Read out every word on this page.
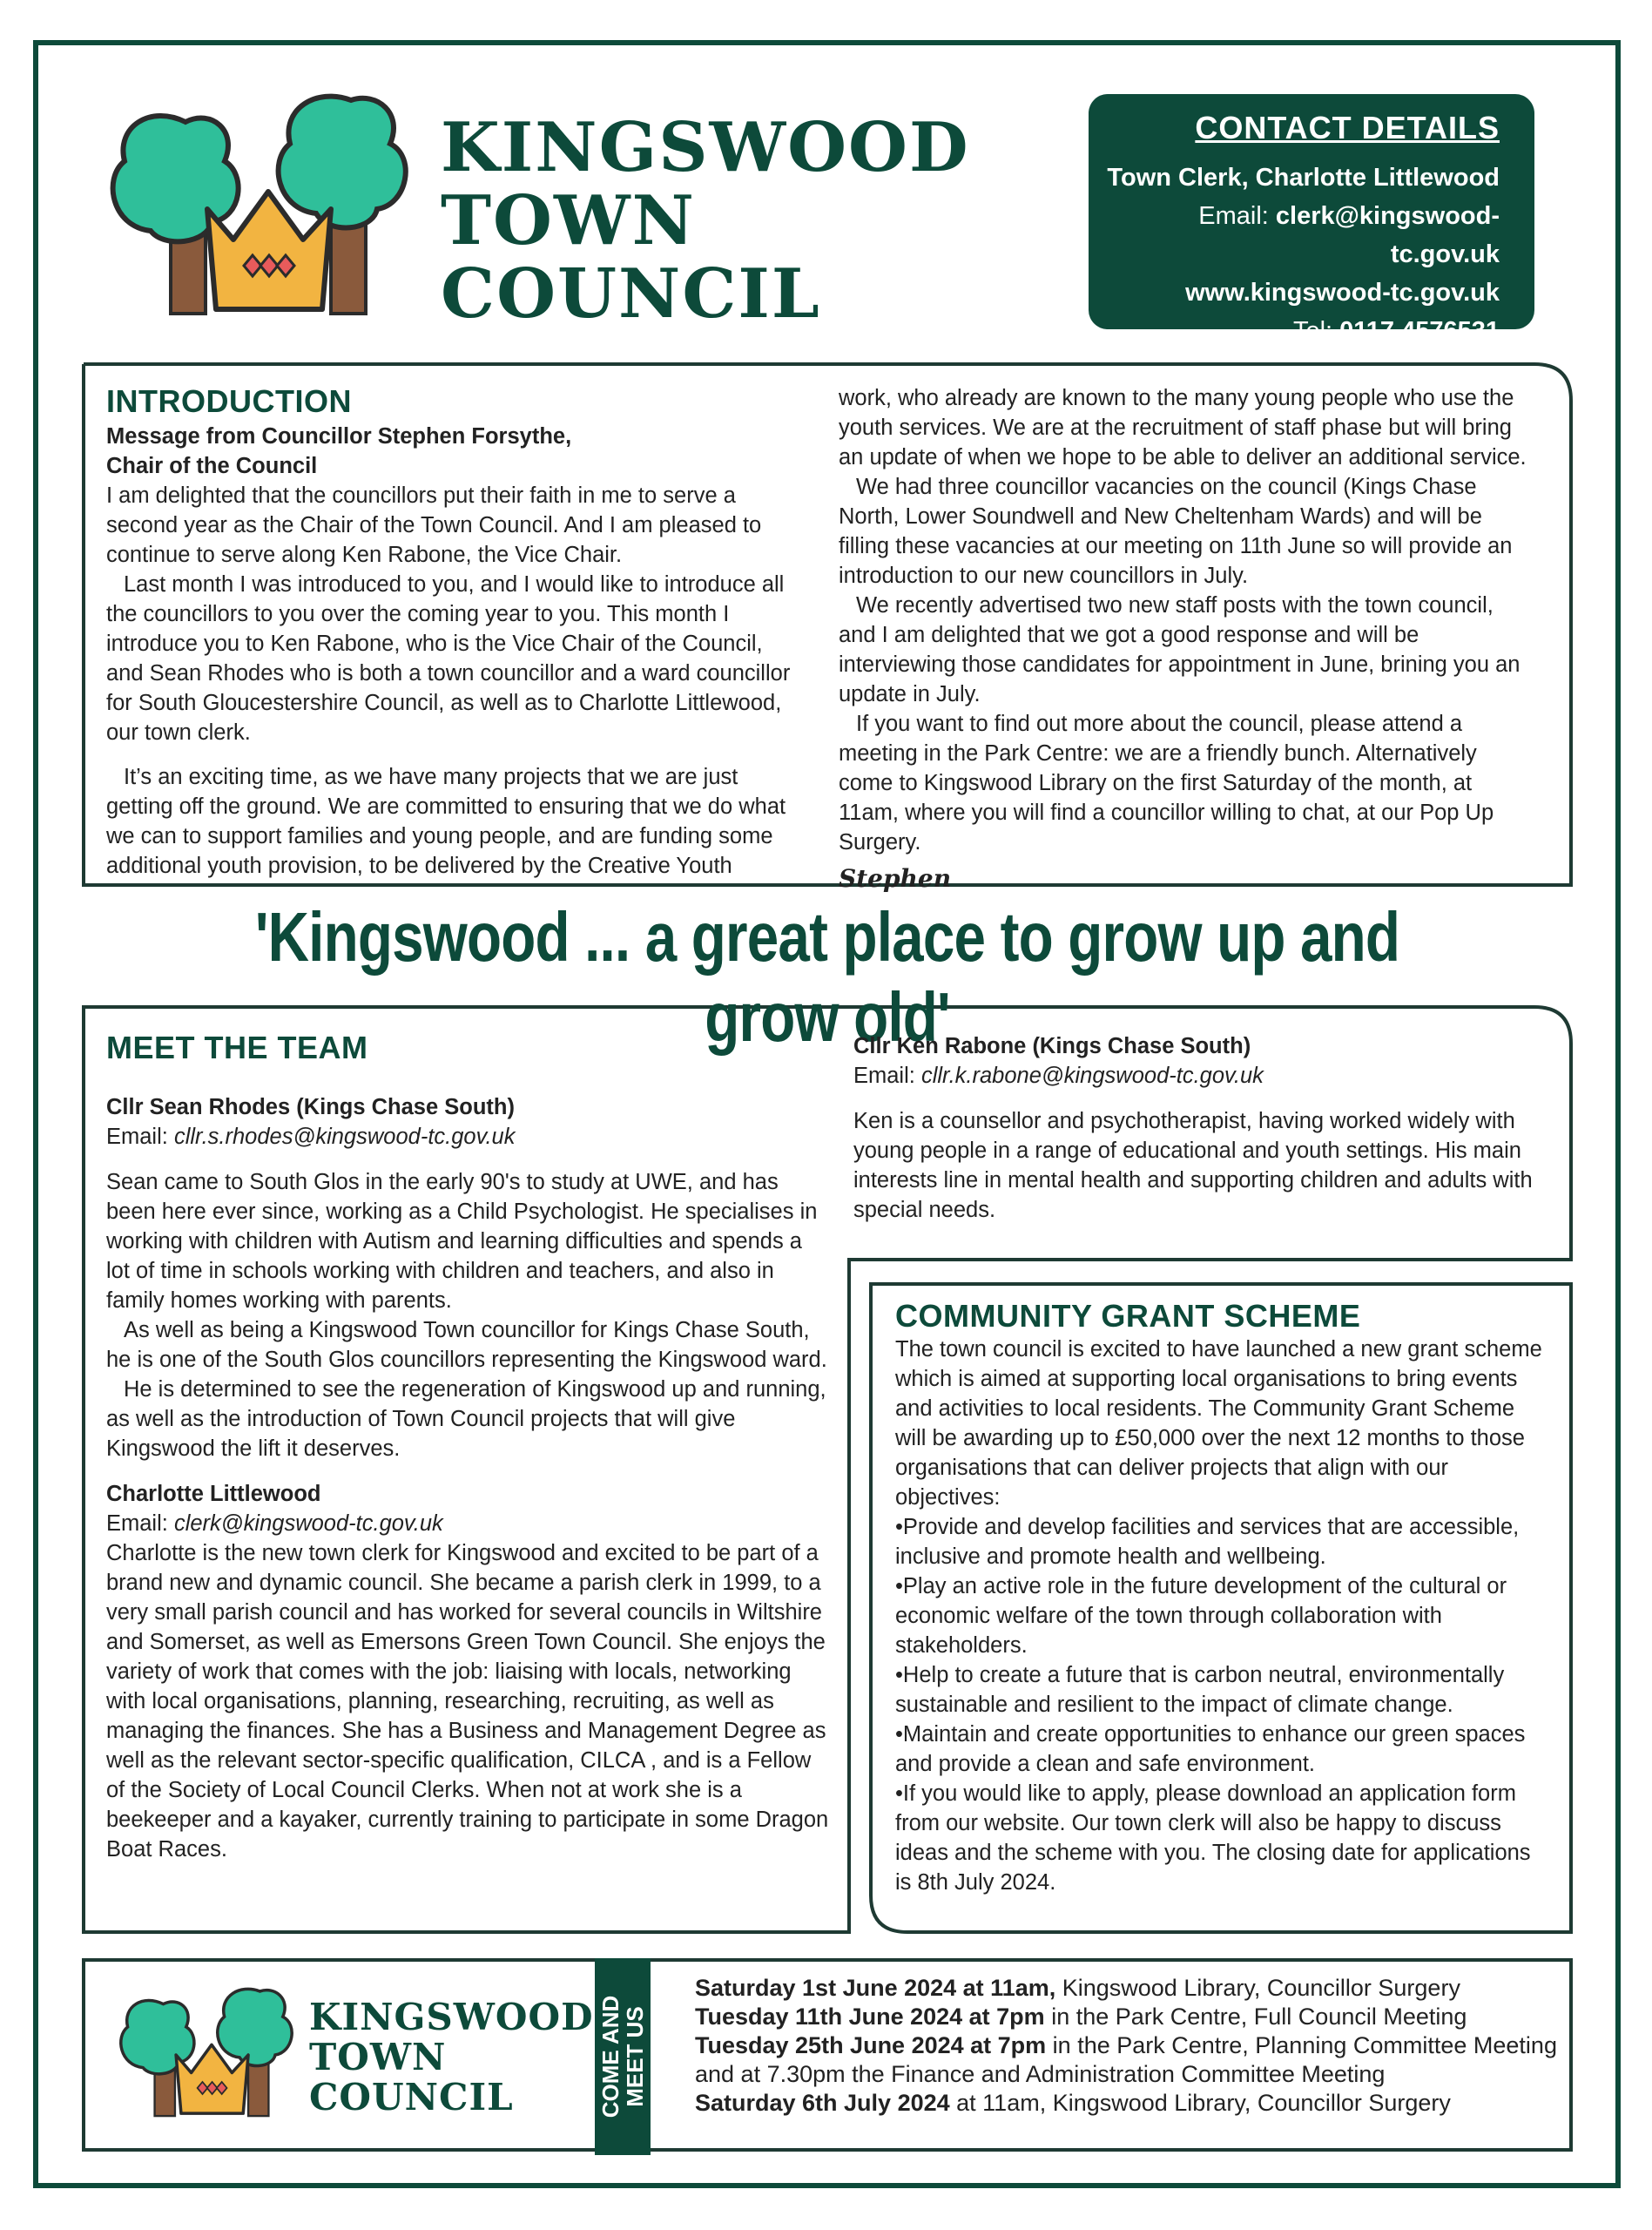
KINGSWOOD
TOWN
COUNCIL
CONTACT DETAILS
Town Clerk, Charlotte Littlewood
Email: clerk@kingswood-tc.gov.uk
www.kingswood-tc.gov.uk
Tel: 0117 4576531
INTRODUCTION
Message from Councillor Stephen Forsythe,
Chair of the Council

I am delighted that the councillors put their faith in me to serve a second year as the Chair of the Town Council. And I am pleased to continue to serve along Ken Rabone, the Vice Chair.

Last month I was introduced to you, and I would like to introduce all the councillors to you over the coming year to you. This month I introduce you to Ken Rabone, who is the Vice Chair of the Council, and Sean Rhodes who is both a town councillor and a ward councillor for South Gloucestershire Council, as well as to Charlotte Littlewood, our town clerk.

It’s an exciting time, as we have many projects that we are just getting off the ground. We are committed to ensuring that we do what we can to support families and young people, and are funding some additional youth provision, to be delivered by the Creative Youth

work, who already are known to the many young people who use the youth services. We are at the recruitment of staff phase but will bring an update of when we hope to be able to deliver an additional service.

We had three councillor vacancies on the council (Kings Chase North, Lower Soundwell and New Cheltenham Wards) and will be filling these vacancies at our meeting on 11th June so will provide an introduction to our new councillors in July.

We recently advertised two new staff posts with the town council, and I am delighted that we got a good response and will be interviewing those candidates for appointment in June, brining you an update in July.

If you want to find out more about the council, please attend a meeting in the Park Centre: we are a friendly bunch. Alternatively come to Kingswood Library on the first Saturday of the month, at 11am, where you will find a councillor willing to chat, at our Pop Up Surgery.

Stephen
'Kingswood ... a great place to grow up and grow old'
MEET THE TEAM
Cllr Sean Rhodes (Kings Chase South)
Email: cllr.s.rhodes@kingswood-tc.gov.uk

Sean came to South Glos in the early 90's to study at UWE, and has been here ever since, working as a Child Psychologist. He specialises in working with children with Autism and learning difficulties and spends a lot of time in schools working with children and teachers, and also in family homes working with parents.

As well as being a Kingswood Town councillor for Kings Chase South, he is one of the South Glos councillors representing the Kingswood ward.

He is determined to see the regeneration of Kingswood up and running, as well as the introduction of Town Council projects that will give Kingswood the lift it deserves.

Charlotte Littlewood
Email: clerk@kingswood-tc.gov.uk

Charlotte is the new town clerk for Kingswood and excited to be part of a brand new and dynamic council. She became a parish clerk in 1999, to a very small parish council and has worked for several councils in Wiltshire and Somerset, as well as Emersons Green Town Council. She enjoys the variety of work that comes with the job: liaising with locals, networking with local organisations, planning, researching, recruiting, as well as managing the finances. She has a Business and Management Degree as well as the relevant sector-specific qualification, CILCA , and is a Fellow of the Society of Local Council Clerks. When not at work she is a beekeeper and a kayaker, currently training to participate in some Dragon Boat Races.

Cllr Ken Rabone (Kings Chase South)
Email: cllr.k.rabone@kingswood-tc.gov.uk

Ken is a counsellor and psychotherapist, having worked widely with young people in a range of educational and youth settings. His main interests line in mental health and supporting children and adults with special needs.

COMMUNITY GRANT SCHEME

The town council is excited to have launched a new grant scheme which is aimed at supporting local organisations to bring events and activities to local residents. The Community Grant Scheme will be awarding up to £50,000 over the next 12 months to those organisations that can deliver projects that align with our objectives:

•Provide and develop facilities and services that are accessible, inclusive and promote health and wellbeing.

•Play an active role in the future development of the cultural or economic welfare of the town through collaboration with stakeholders.

•Help to create a future that is carbon neutral, environmentally sustainable and resilient to the impact of climate change.

•Maintain and create opportunities to enhance our green spaces and provide a clean and safe environment.

•If you would like to apply, please download an application form from our website. Our town clerk will also be happy to discuss ideas and the scheme with you. The closing date for applications is 8th July 2024.

KINGSWOOD
TOWN
COUNCIL	COME AND
MEET US
Saturday 1st June 2024 at 11am, Kingswood Library, Councillor Surgery
Tuesday 11th June 2024 at 7pm in the Park Centre, Full Council Meeting
Tuesday 25th June 2024 at 7pm in the Park Centre, Planning Committee Meeting
and at 7.30pm the Finance and Administration Committee Meeting
Saturday 6th July 2024 at 11am, Kingswood Library, Councillor Surgery
